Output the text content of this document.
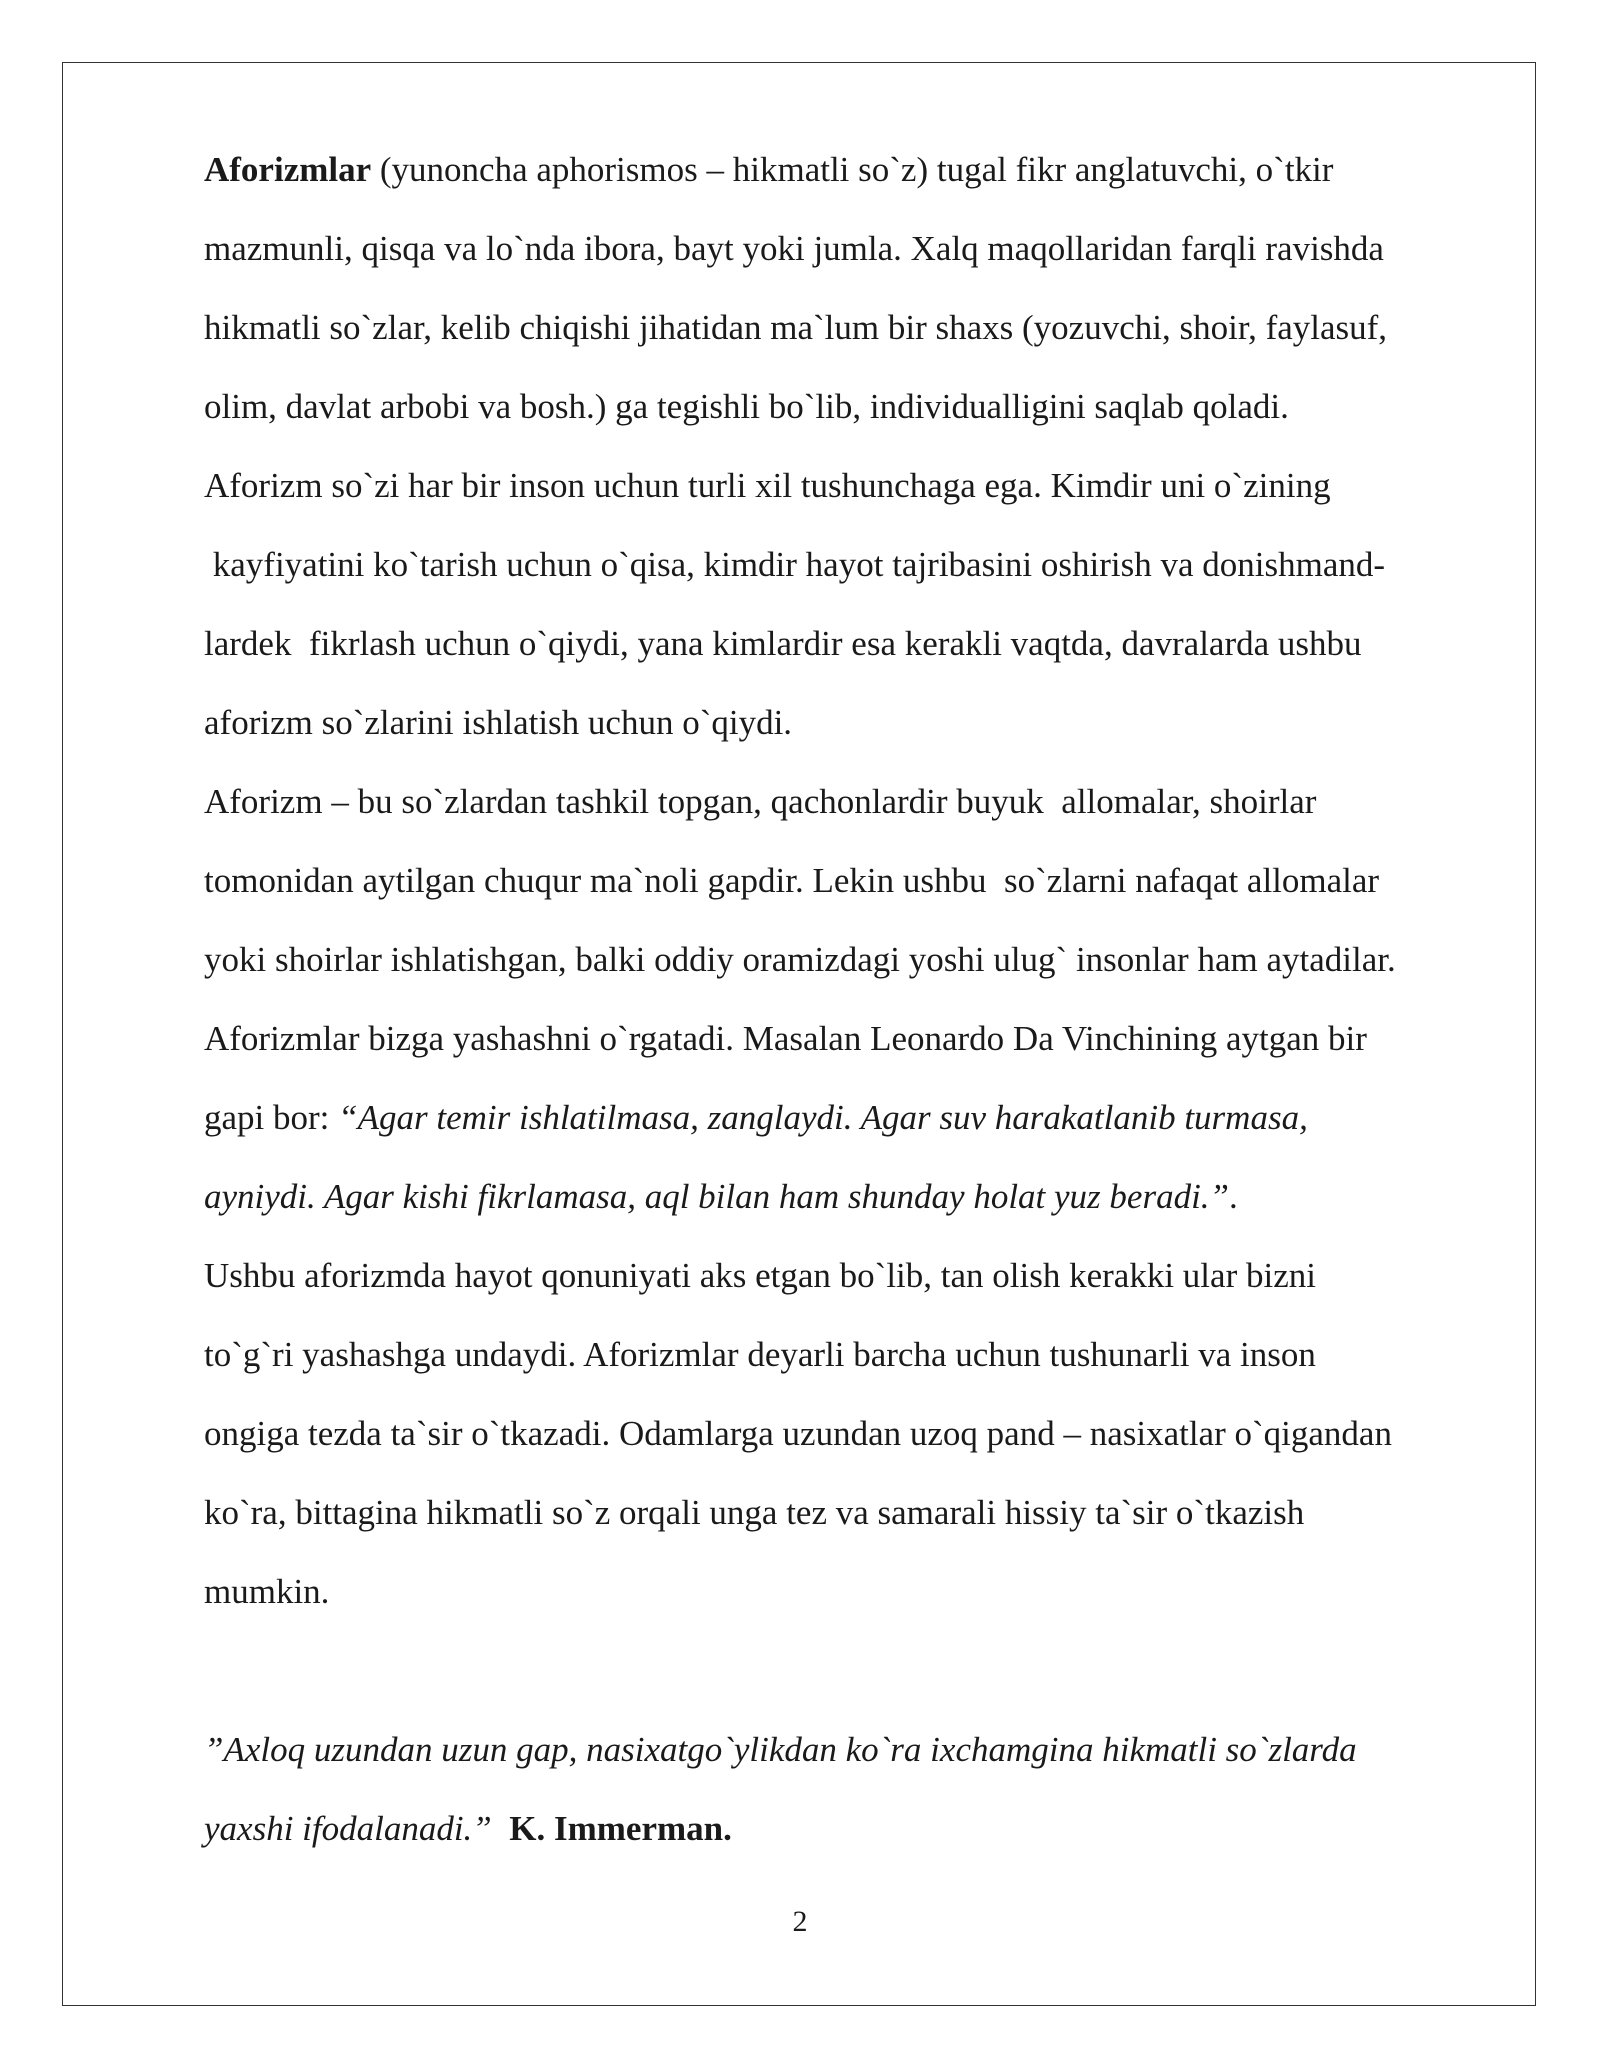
Aforizmlar (yunoncha aphorismos – hikmatli so`z) tugal fikr anglatuvchi, o`tkir
mazmunli, qisqa va lo`nda ibora, bayt yoki jumla. Xalq maqollaridan farqli ravishda
hikmatli so`zlar, kelib chiqishi jihatidan ma`lum bir shaxs (yozuvchi, shoir, faylasuf,
olim, davlat arbobi va bosh.) ga tegishli bo`lib, individualligini saqlab qoladi.
Aforizm so`zi har bir inson uchun turli xil tushunchaga ega. Kimdir uni o`zining
kayfiyatini ko`tarish uchun o`qisa, kimdir hayot tajribasini oshirish va donishmand-
lardek  fikrlash uchun o`qiydi, yana kimlardir esa kerakli vaqtda, davralarda ushbu
aforizm so`zlarini ishlatish uchun o`qiydi.
Aforizm – bu so`zlardan tashkil topgan, qachonlardir buyuk  allomalar, shoirlar
tomonidan aytilgan chuqur ma`noli gapdir. Lekin ushbu  so`zlarni nafaqat allomalar
yoki shoirlar ishlatishgan, balki oddiy oramizdagi yoshi ulug` insonlar ham aytadilar.
Aforizmlar bizga yashashni o`rgatadi. Masalan Leonardo Da Vinchining aytgan bir
gapi bor: “Agar temir ishlatilmasa, zanglaydi. Agar suv harakatlanib turmasa,
ayniydi. Agar kishi fikrlamasa, aql bilan ham shunday holat yuz beradi.”.
Ushbu aforizmda hayot qonuniyati aks etgan bo`lib, tan olish kerakki ular bizni
to`g`ri yashashga undaydi. Aforizmlar deyarli barcha uchun tushunarli va inson
ongiga tezda ta`sir o`tkazadi. Odamlarga uzundan uzoq pand – nasixatlar o`qigandan
ko`ra, bittagina hikmatli so`z orqali unga tez va samarali hissiy ta`sir o`tkazish
mumkin.
”Axloq uzundan uzun gap, nasixatgo`ylikdan ko`ra ixchamgina hikmatli so`zlarda
yaxshi ifodalanadi.” K. Immerman.
2
